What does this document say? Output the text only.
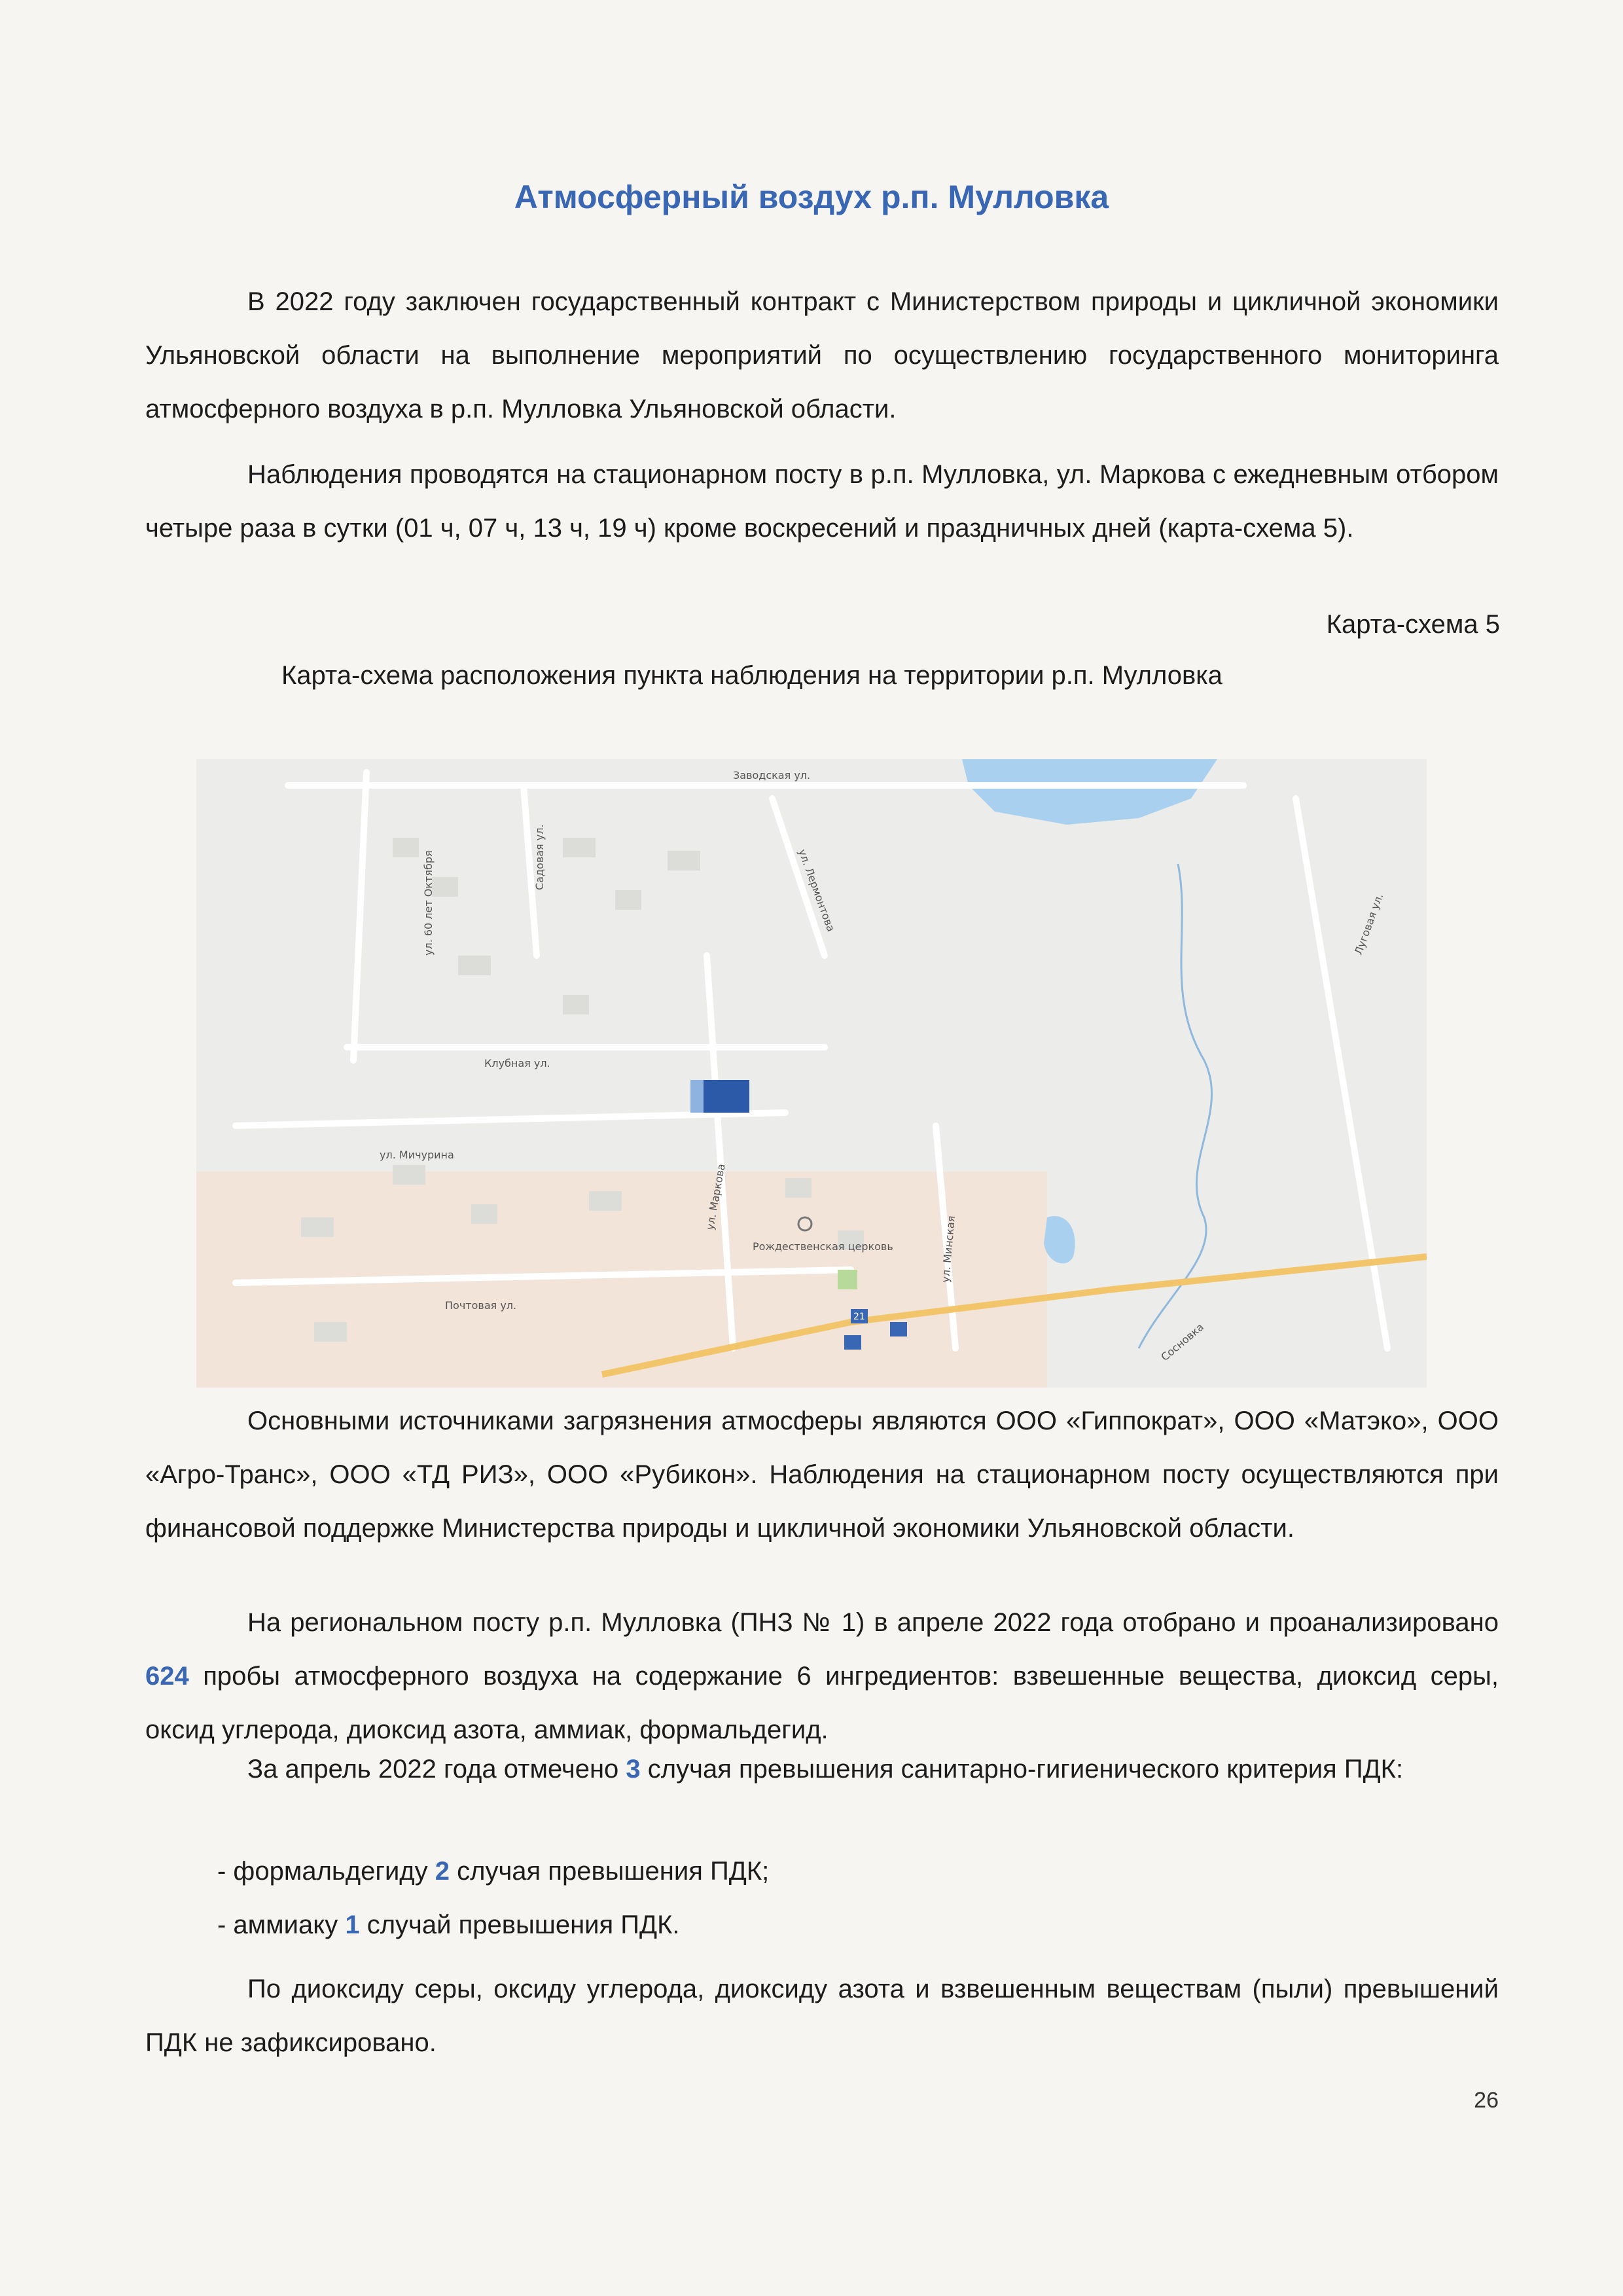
Атмосферный воздух р.п. Мулловка

В 2022 году заключен государственный контракт с Министерством природы и цикличной экономики Ульяновской области на выполнение мероприятий по осуществлению государственного мониторинга атмосферного воздуха в р.п. Мулловка Ульяновской области.

Наблюдения проводятся на стационарном посту в р.п. Мулловка, ул. Маркова с ежедневным отбором четыре раза в сутки (01 ч, 07 ч, 13 ч, 19 ч) кроме воскресений и праздничных дней (карта-схема 5).

Карта-схема 5
Карта-схема расположения пункта наблюдения на территории р.п. Мулловка
Заводская ул.
ул. 60 лет Октября	Садовая ул.	ул. Лермонтова
Клубная ул.
ул. Мичурина
ул. Маркова
ул. Минская
Почтовая ул.
Луговая ул.
Рождественская церковь
Сосновка
21

Основными источниками загрязнения атмосферы являются ООО «Гиппократ», ООО «Матэко», ООО «Агро-Транс», ООО «ТД РИЗ», ООО «Рубикон». Наблюдения на стационарном посту осуществляются при финансовой поддержке Министерства природы и цикличной экономики Ульяновской области.

На региональном посту р.п. Мулловка (ПНЗ № 1) в апреле 2022 года отобрано и проанализировано 624 пробы атмосферного воздуха на содержание 6 ингредиентов: взвешенные вещества, диоксид серы, оксид углерода, диоксид азота, аммиак, формальдегид.

За апрель 2022 года отмечено 3 случая превышения санитарно-гигиенического критерия ПДК:

- формальдегиду 2 случая превышения ПДК;
- аммиаку 1 случай превышения ПДК.

По диоксиду серы, оксиду углерода, диоксиду азота и взвешенным веществам (пыли) превышений ПДК не зафиксировано.

26
